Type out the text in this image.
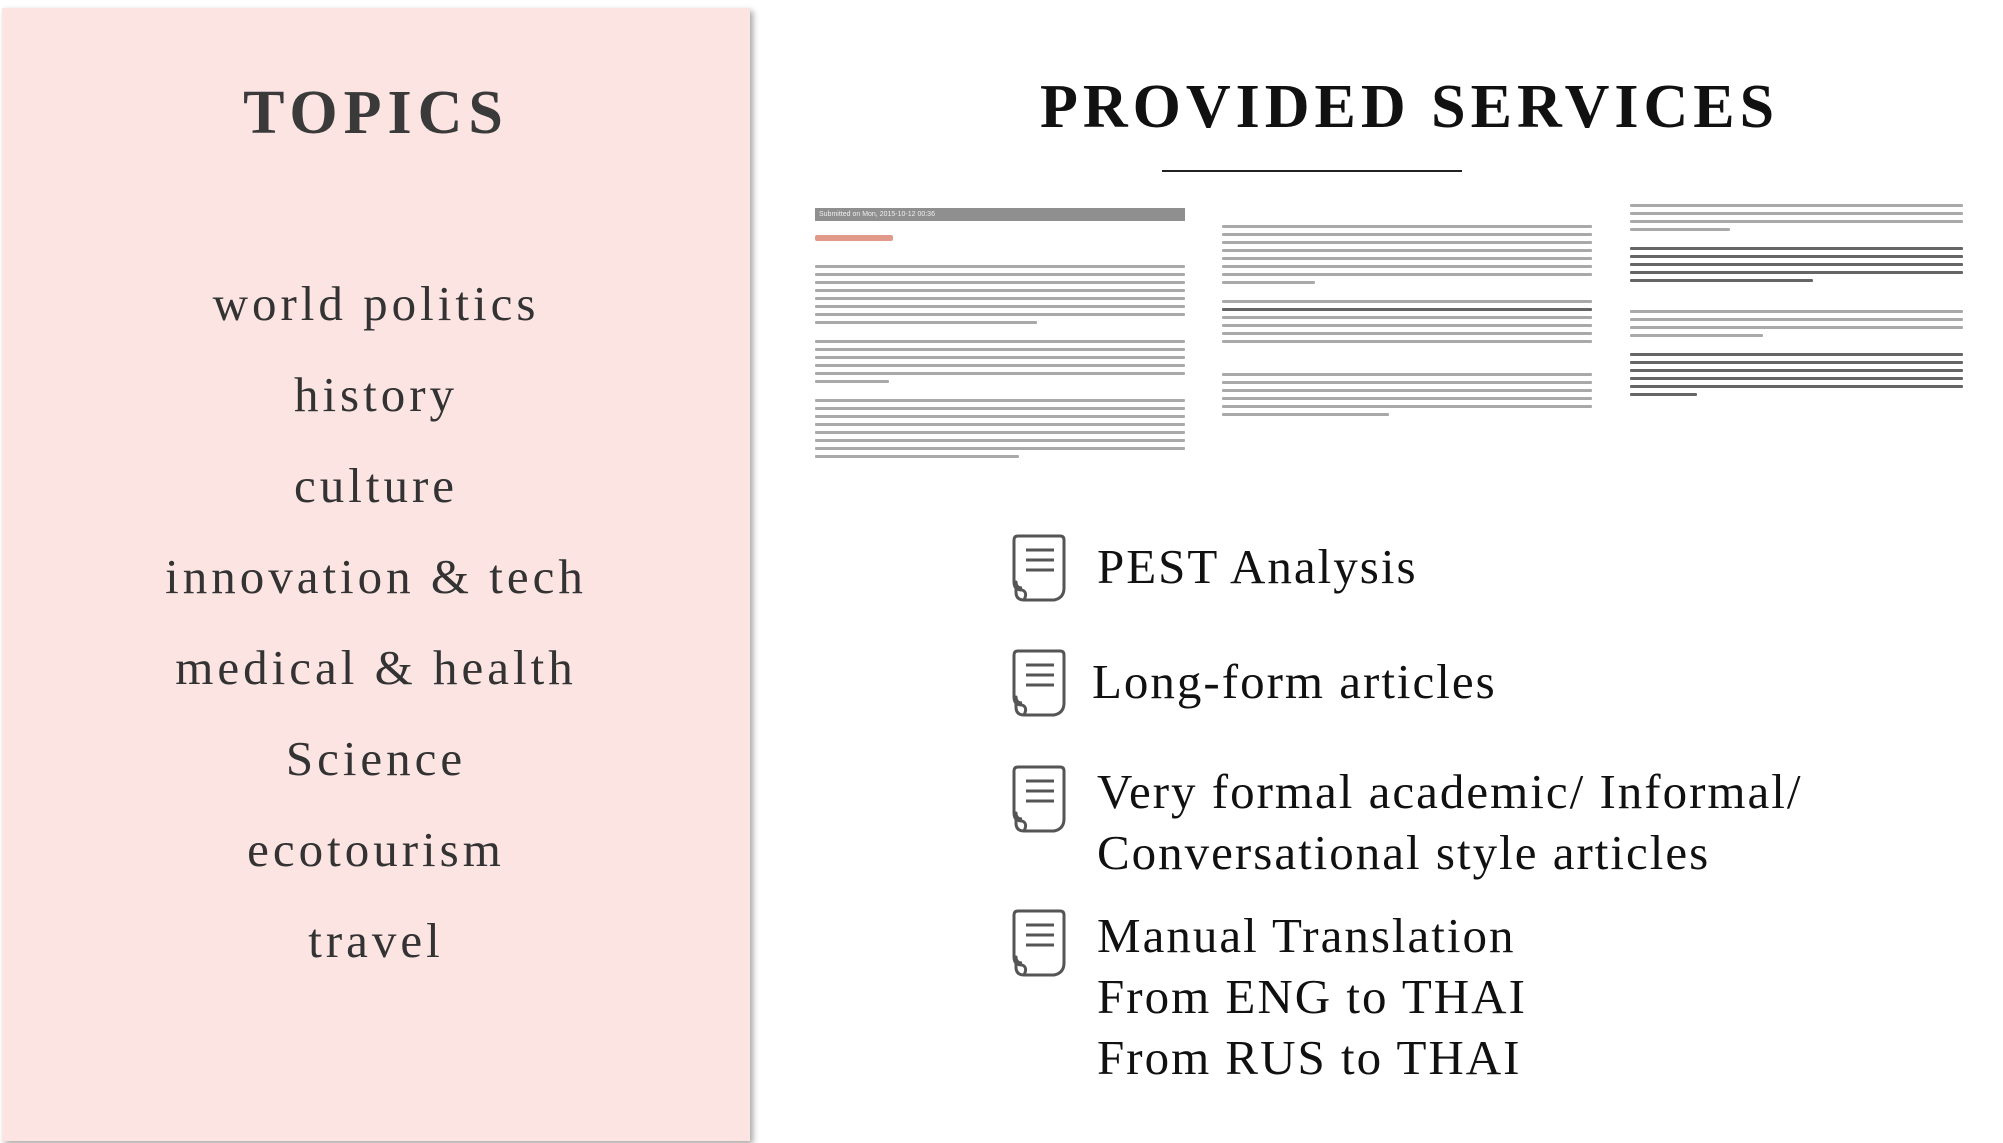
TOPICS
world politics
history
culture
innovation & tech
medical & health
Science
ecotourism
travel
PROVIDED SERVICES
Submitted on Mon, 2015-10-12 00:36
PEST Analysis
Long-form articles
Very formal academic/ Informal/
Conversational style articles
Manual Translation
From ENG to THAI
From RUS to THAI
